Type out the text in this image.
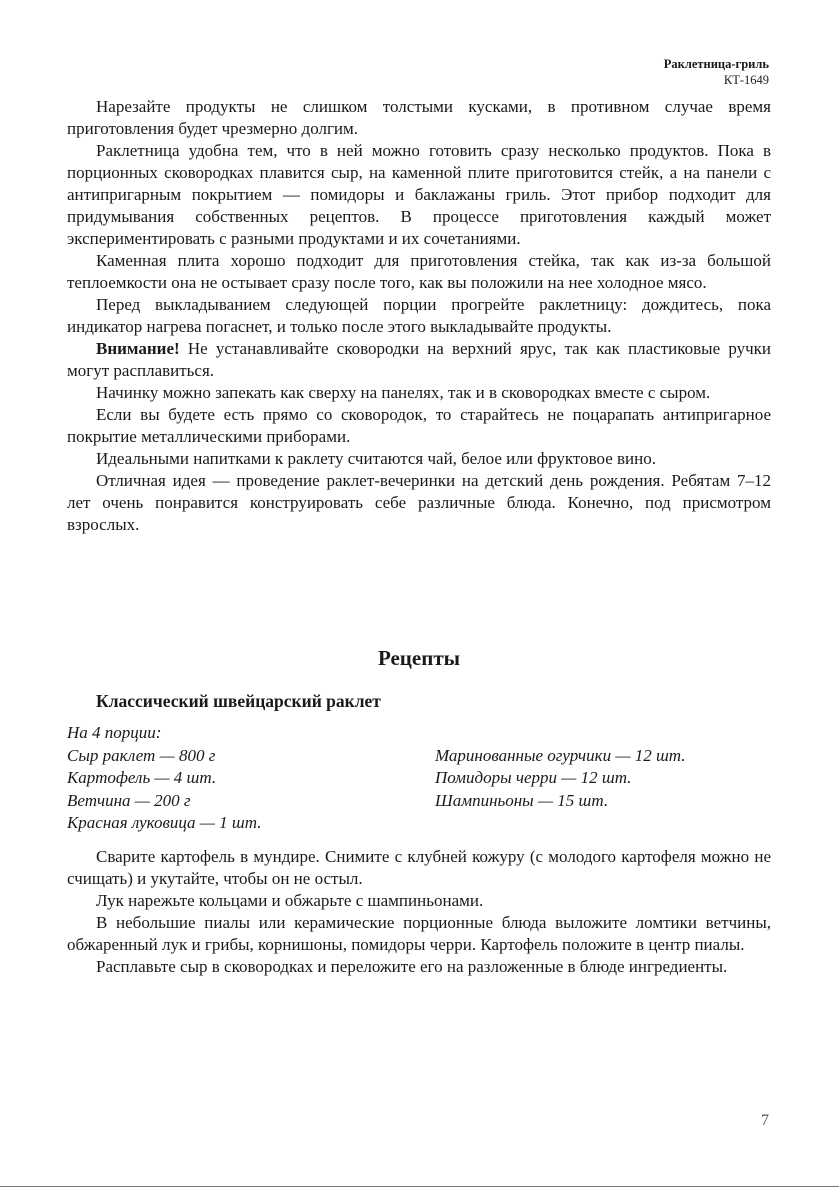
Раклетница-гриль
КТ-1649

Нарезайте продукты не слишком толстыми кусками, в противном случае время приготовления будет чрезмерно долгим.

Раклетница удобна тем, что в ней можно готовить сразу несколько продуктов. Пока в порционных сковородках плавится сыр, на каменной плите приготовится стейк, а на панели с антипригарным покрытием — помидоры и баклажаны гриль. Этот прибор подходит для придумывания собственных рецептов. В процессе приготовления каждый может экспериментировать с разными продуктами и их сочетаниями.

Каменная плита хорошо подходит для приготовления стейка, так как из-за большой теплоемкости она не остывает сразу после того, как вы положили на нее холодное мясо.

Перед выкладыванием следующей порции прогрейте раклетницу: дождитесь, пока индикатор нагрева погаснет, и только после этого выкладывайте продукты.

Внимание! Не устанавливайте сковородки на верхний ярус, так как пластиковые ручки могут расплавиться.

Начинку можно запекать как сверху на панелях, так и в сковородках вместе с сыром.

Если вы будете есть прямо со сковородок, то старайтесь не поцарапать антипригарное покрытие металлическими приборами.

Идеальными напитками к раклету считаются чай, белое или фруктовое вино.

Отличная идея — проведение раклет-вечеринки на детский день рождения. Ребятам 7–12 лет очень понравится конструировать себе различные блюда. Конечно, под присмотром взрослых.

Рецепты
Классический швейцарский раклет
На 4 порции:
Сыр раклет — 800 г
Картофель — 4 шт.
Ветчина — 200 г
Красная луковица — 1 шт.
Маринованные огурчики — 12 шт.
Помидоры черри — 12 шт.
Шампиньоны — 15 шт.

Сварите картофель в мундире. Снимите с клубней кожуру (с молодого картофеля можно не счищать) и укутайте, чтобы он не остыл.

Лук нарежьте кольцами и обжарьте с шампиньонами.

В небольшие пиалы или керамические порционные блюда выложите ломтики ветчины, обжаренный лук и грибы, корнишоны, помидоры черри. Картофель положите в центр пиалы.

Расплавьте сыр в сковородках и переложите его на разложенные в блюде ингредиенты.

7
